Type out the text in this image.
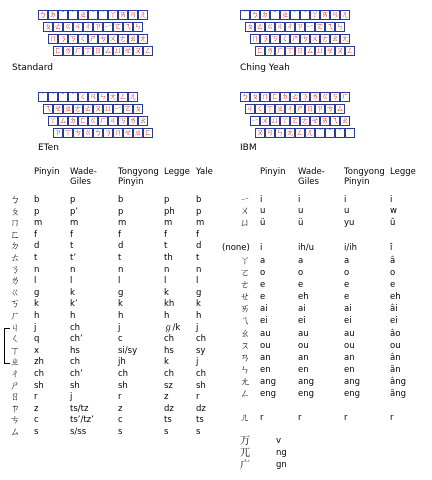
ㄅ ㄉ ˇ ˋ ㄓ ˊ ˙ ㄚ ㄞ ㄢ ㄦ
ㄆ ㄊ ㄍ ㄐ ㄔ ㄗ ㄧ ㄛ ㄟ ㄣ
ㄇ ㄋ ㄎ ㄑ ㄕ ㄘ ㄨ ㄜ ㄠ ㄤ
ㄈ ㄌ ㄏ ㄒ ㄖ ㄙ ㄩ ㄝ ㄡ ㄥ
˙ ㄅ ㄉ ˇ ㄓ ˋ ˊ ㄚ ㄞ ㄢ ㄦ
ㄆ ㄊ ㄍ ㄐ ㄔ ㄗ ㄧ ㄛ ㄟ ㄣ
ㄇ ㄋ ㄎ ㄑ ㄕ ㄘ ㄨ ㄜ ㄠ ㄤ
ㄈ ㄌ ㄏ ㄒ ㄖ ㄙ ㄩ ㄝ ㄡ ㄥ
˙ ˊ ˇ ˋ ㄑ ㄢ ㄣ ㄤ ㄥ ㄦ
ㄟ ㄝ ㄓ ㄜ ㄊ ㄡ ㄩ ㄧ ㄛ ㄆ
ㄚ ㄙ ㄉ ㄈ ㄍ ㄏ ㄐ ㄎ ㄌ ㄠ
ㄗ ㄒ ㄘ ㄍ ㄅ ㄋ ㄇ ㄝ ㄓ ㄈ
ㄅ ㄆ ㄇ ㄈ ㄉ ㄊ ㄋ ㄌ ㄍ ㄎ ㄏ
ㄐ ㄑ ㄒ ㄓ ㄔ ㄕ ㄖ ㄗ ㄘ ㄙ
ㄧ ㄨ ㄩ ㄚ ㄛ ㄜ ㄝ ㄞ ㄟ ㄠ
ㄡ ㄢ ㄣ ㄤ ㄥ ㄦ ˊ ˇ ˋ ˙
Standard	Ching Yeah
ETen	IBM
Pinyin Wade-
Giles
Tongyong
Pinyin
Legge Yale
ㄅ b	p	b	p	b
ㄆ p	p’	p	ph p
ㄇ m	m	m	m	m
ㄈ f	f	f	f	f
ㄉ d	t	d	t	d
ㄊ t	t’	t	th	t
ㄋ n	n	n	n	n
ㄌ l	l	l	l	l
ㄍ g	k	g	k	g
ㄎ k	k’	k	kh	k
ㄏ h	h	h	h	h
ㄐ j	ch	j	ℊ/k j
ㄑ q	ch’	c	ch	ch
ㄒ x	hs	si/sy	hs	sy
ㄓ zh	ch	jh	k	j
ㄔ ch	ch’	ch	ch	ch
ㄕ sh	sh	sh	sz	sh
ㄖ r	j	r	z	r
ㄗ z	ts/tz	z	dz	dz
ㄘ c	ts’/tz’	c	ts	ts
ㄙ s	s/ss	s	s	s
Pinyin Wade-
Giles
Tongyong
Pinyin
Legge
ㄧ i	i	i	i
ㄨ u	u	u	w
ㄩ ü	ü	yu	û
(none) i	ih/u	i/ih	î
ㄚ a	a	a	â
ㄛ o	o	o	o
ㄜ e	e	e	e
ㄝ e	eh	e	eh
ㄞ ai	ai	ai	âi
ㄟ ei	ei	ei	ei
ㄠ au	au	au	âo
ㄡ ou	ou	ou	ou
ㄢ an	an	an	ân
ㄣ en	en	en	ăn
ㄤ ang	ang	ang	âng
ㄥ eng	eng	eng	ăng
ㄦ r	r	r	r
ㄪ	v
ㄫ	ng
ㄬ	gn
